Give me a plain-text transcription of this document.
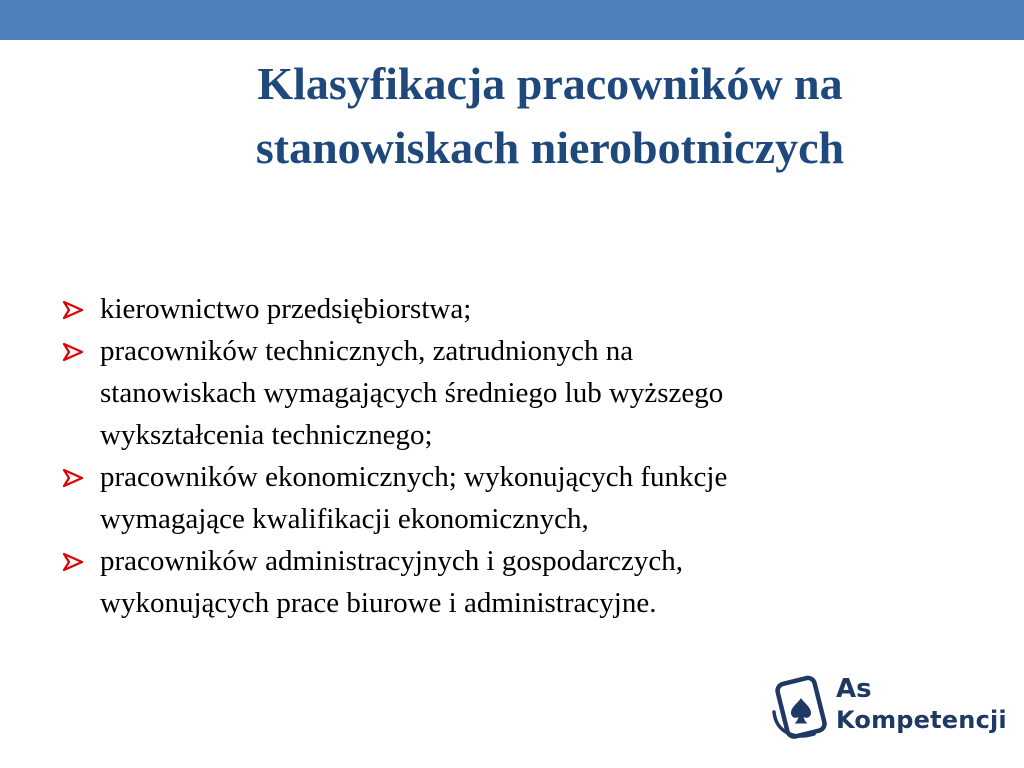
Klasyfikacja pracowników na
stanowiskach nierobotniczych
kierownictwo przedsiębiorstwa;
pracowników technicznych, zatrudnionych na
stanowiskach wymagających średniego lub wyższego
wykształcenia technicznego;
pracowników ekonomicznych; wykonujących funkcje
wymagające kwalifikacji ekonomicznych,
pracowników administracyjnych i gospodarczych,
wykonujących prace biurowe i administracyjne.
As
Kompetencji
